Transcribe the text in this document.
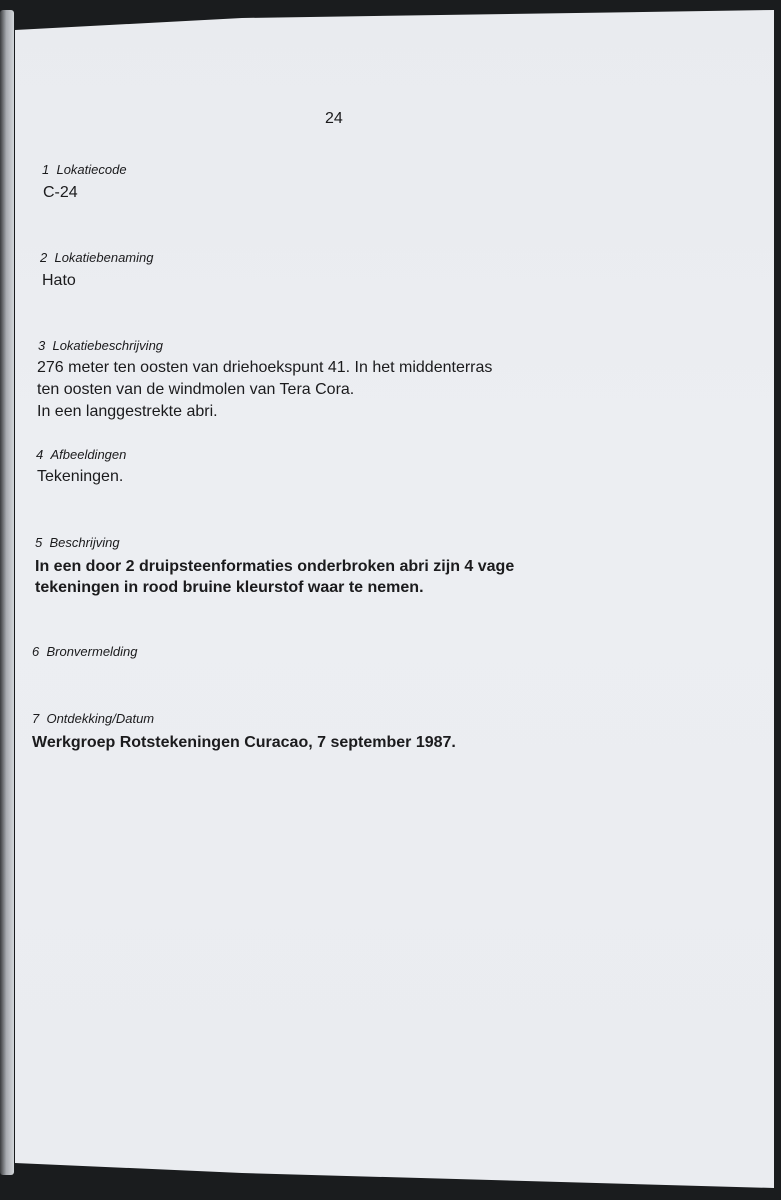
24
1 Lokatiecode
C-24
2 Lokatiebenaming
Hato
3 Lokatiebeschrijving
276 meter ten oosten van driehoekspunt 41. In het middenterras
ten oosten van de windmolen van Tera Cora.
In een langgestrekte abri.
4 Afbeeldingen
Tekeningen.
5 Beschrijving
In een door 2 druipsteenformaties onderbroken abri zijn 4 vage
tekeningen in rood bruine kleurstof waar te nemen.
6 Bronvermelding
7 Ontdekking/Datum
Werkgroep Rotstekeningen Curacao, 7 september 1987.
